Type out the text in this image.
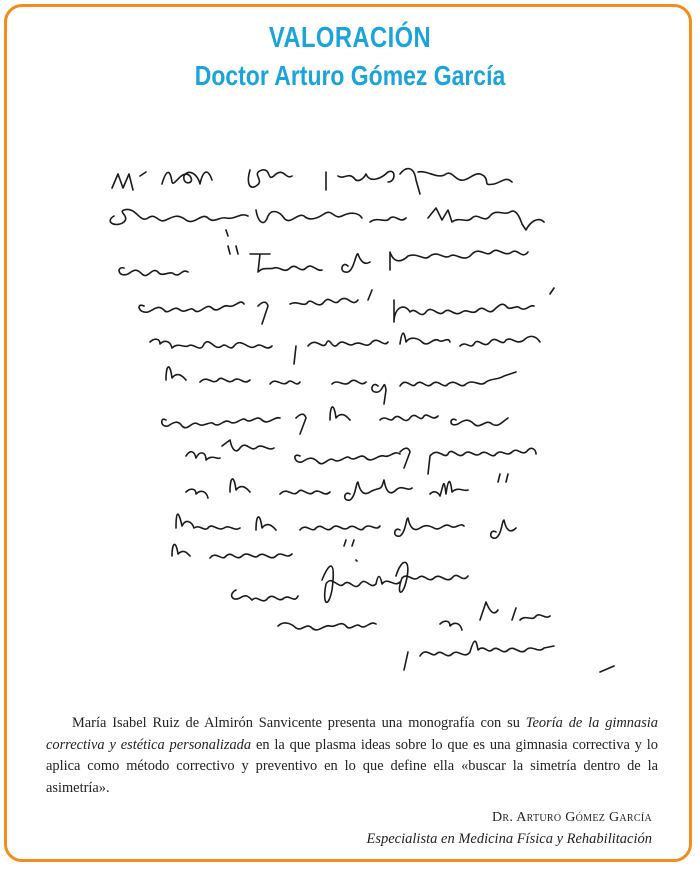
VALORACIÓN
Doctor Arturo Gómez García
María Isabel Ruiz de Almirón Sanvicente presenta una monografía con su Teoría de la gimnasia correctiva y estética personalizada en la que plasma ideas sobre lo que es una gimnasia correctiva y lo aplica como método correctivo y preventivo en lo que define ella «buscar la simetría dentro de la asimetría».
Dr. Arturo Gómez García
Especialista en Medicina Física y Rehabilitación
